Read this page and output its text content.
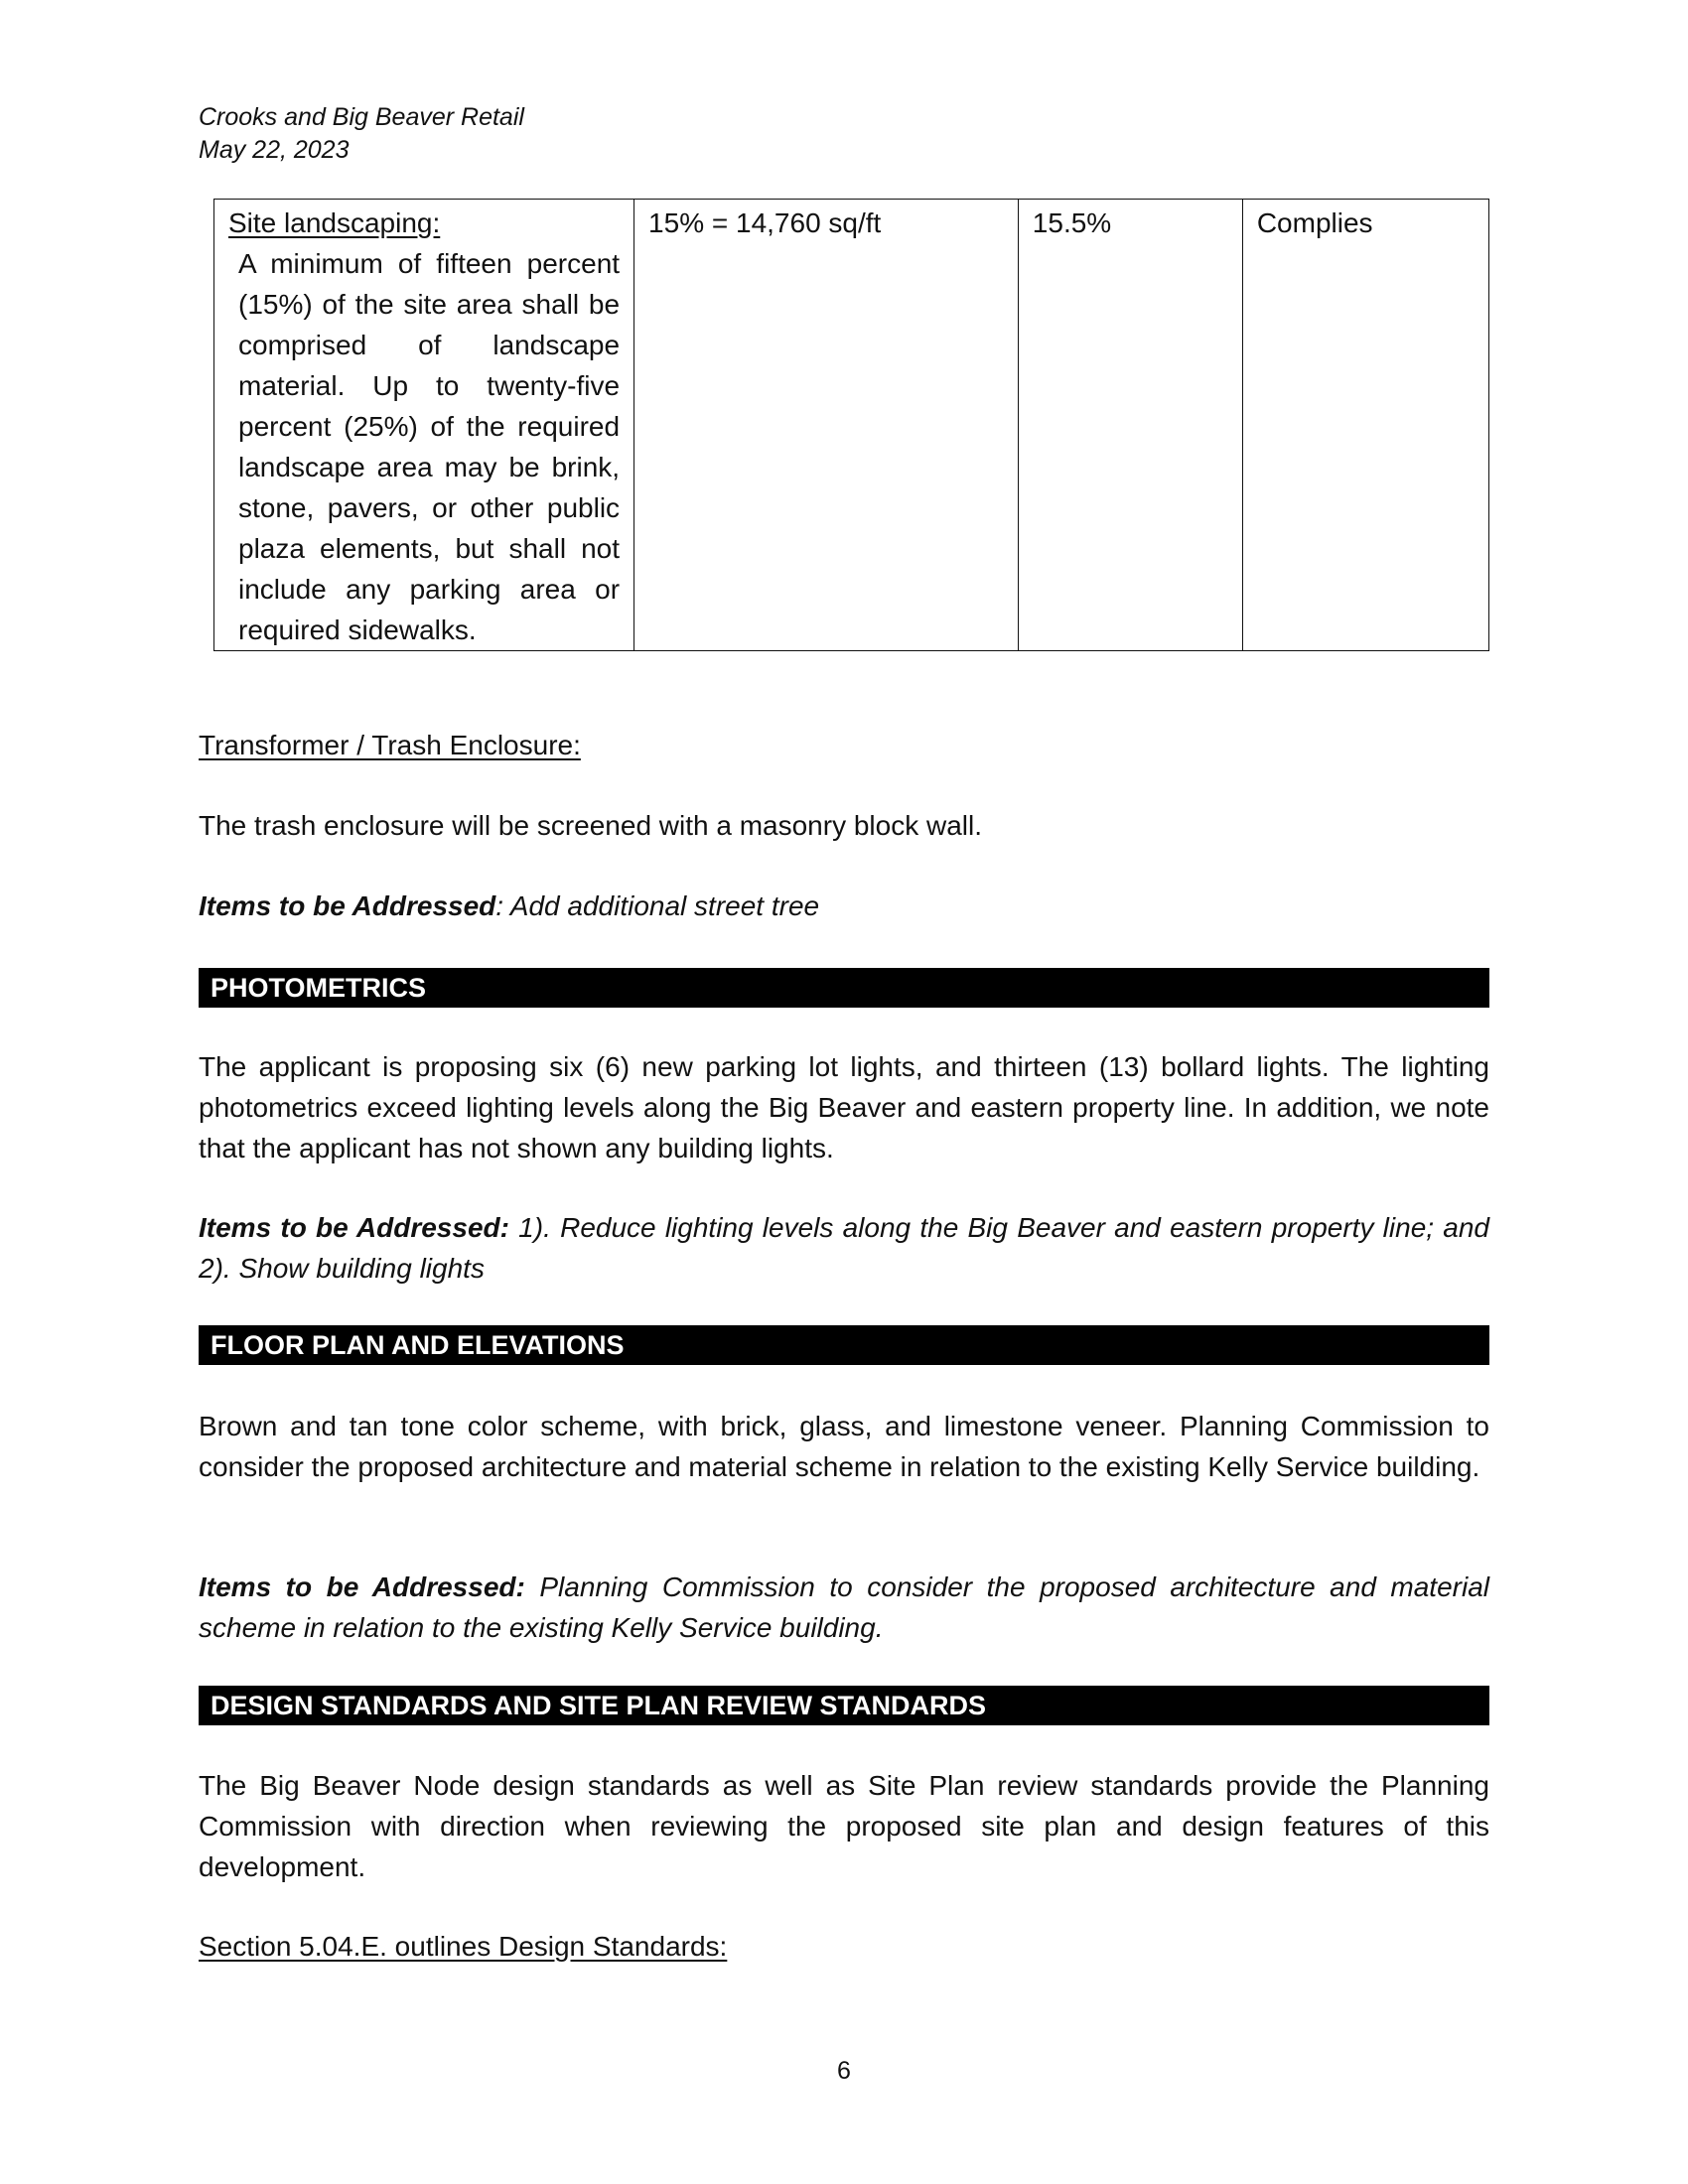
Crooks and Big Beaver Retail
May 22, 2023
Site landscaping:
A minimum of fifteen percent (15%) of the site area shall be comprised of landscape material. Up to twenty-five percent (25%) of the required landscape area may be brink, stone, pavers, or other public plaza elements, but shall not include any parking area or required sidewalks.
	15% = 14,760 sq/ft	15.5%	Complies
Transformer / Trash Enclosure:
The trash enclosure will be screened with a masonry block wall.
Items to be Addressed: Add additional street tree
PHOTOMETRICS
The applicant is proposing six (6) new parking lot lights, and thirteen (13) bollard lights. The lighting photometrics exceed lighting levels along the Big Beaver and eastern property line. In addition, we note that the applicant has not shown any building lights.
Items to be Addressed: 1). Reduce lighting levels along the Big Beaver and eastern property line; and 2). Show building lights
FLOOR PLAN AND ELEVATIONS
Brown and tan tone color scheme, with brick, glass, and limestone veneer. Planning Commission to consider the proposed architecture and material scheme in relation to the existing Kelly Service building.
Items to be Addressed: Planning Commission to consider the proposed architecture and material scheme in relation to the existing Kelly Service building.
DESIGN STANDARDS AND SITE PLAN REVIEW STANDARDS
The Big Beaver Node design standards as well as Site Plan review standards provide the Planning Commission with direction when reviewing the proposed site plan and design features of this development.
Section 5.04.E. outlines Design Standards:
6
